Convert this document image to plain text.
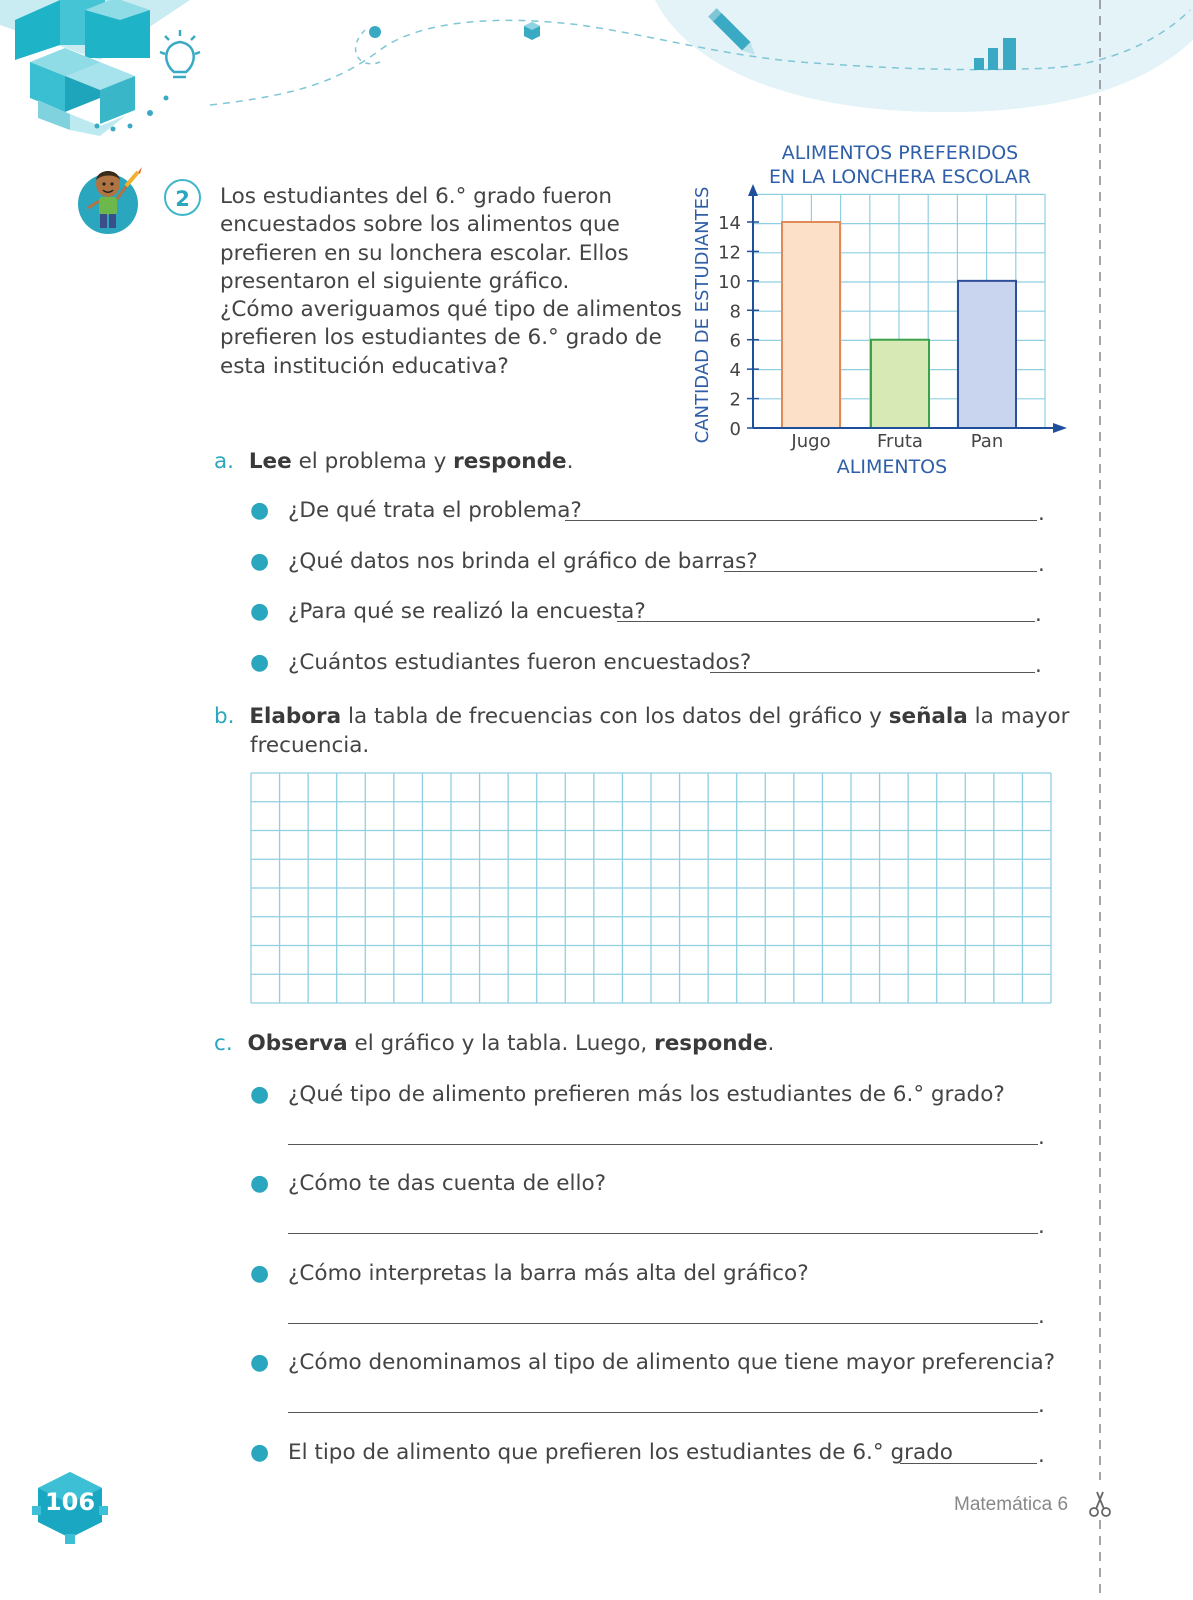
2	Los estudiantes del 6.° grado fueron
encuestados sobre los alimentos que
prefieren en su lonchera escolar. Ellos
presentaron el siguiente gráfico.
¿Cómo averiguamos qué tipo de alimentos
prefieren los estudiantes de 6.° grado de
esta institución educativa?
0
2
4
6
8
10
12
14
Jugo	Fruta	Pan
ALIMENTOS PREFERIDOS
EN LA LONCHERA ESCOLAR
ALIMENTOS
CANTIDAD DE ESTUDIANTES
a. Lee el problema y responde.
● ¿De qué trata el problema?	.
● ¿Qué datos nos brinda el gráfico de barras?	.
● ¿Para qué se realizó la encuesta?	.
● ¿Cuántos estudiantes fueron encuestados?	.
b. Elabora la tabla de frecuencias con los datos del gráfico y señala la mayor
frecuencia.
c. Observa el gráfico y la tabla. Luego, responde.
● ¿Qué tipo de alimento prefieren más los estudiantes de 6.° grado?
.
● ¿Cómo te das cuenta de ello?
.
● ¿Cómo interpretas la barra más alta del gráfico?
.
● ¿Cómo denominamos al tipo de alimento que tiene mayor preferencia?
.
● El tipo de alimento que prefieren los estudiantes de 6.° grado	.
106	Matemática 6
